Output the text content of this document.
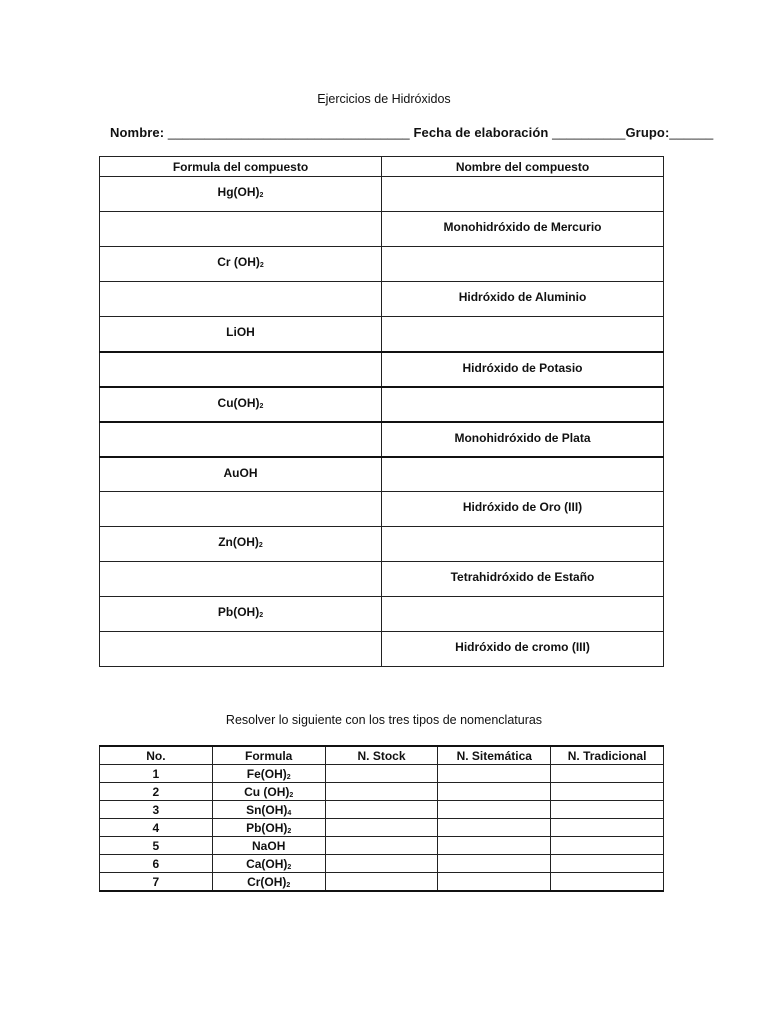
Ejercicios de Hidróxidos
Nombre: _________________________________ Fecha de elaboración __________Grupo:______
Formula del compuesto	Nombre del compuesto
$Hg(OH)_2$	
	Monohidróxido de Mercurio
Cr $(OH)_2$	
	Hidróxido de Aluminio
LiOH	
	Hidróxido de Potasio
$Cu(OH)_2$	
	Monohidróxido de Plata
AuOH	
	Hidróxido de Oro (III)
$Zn(OH)_2$	
	Tetrahidróxido de Estaño
$Pb(OH)_2$	
	Hidróxido de cromo (III)
Resolver lo siguiente con los tres tipos de nomenclaturas
No.	Formula	N. Stock	N. Sitemática	N. Tradicional
1	$Fe(OH)_2$			
2	Cu $(OH)_2$			
3	$Sn(OH)_4$			
4	$Pb(OH)_2$			
5	NaOH			
6	$Ca(OH)_2$			
7	$Cr(OH)_2$			
